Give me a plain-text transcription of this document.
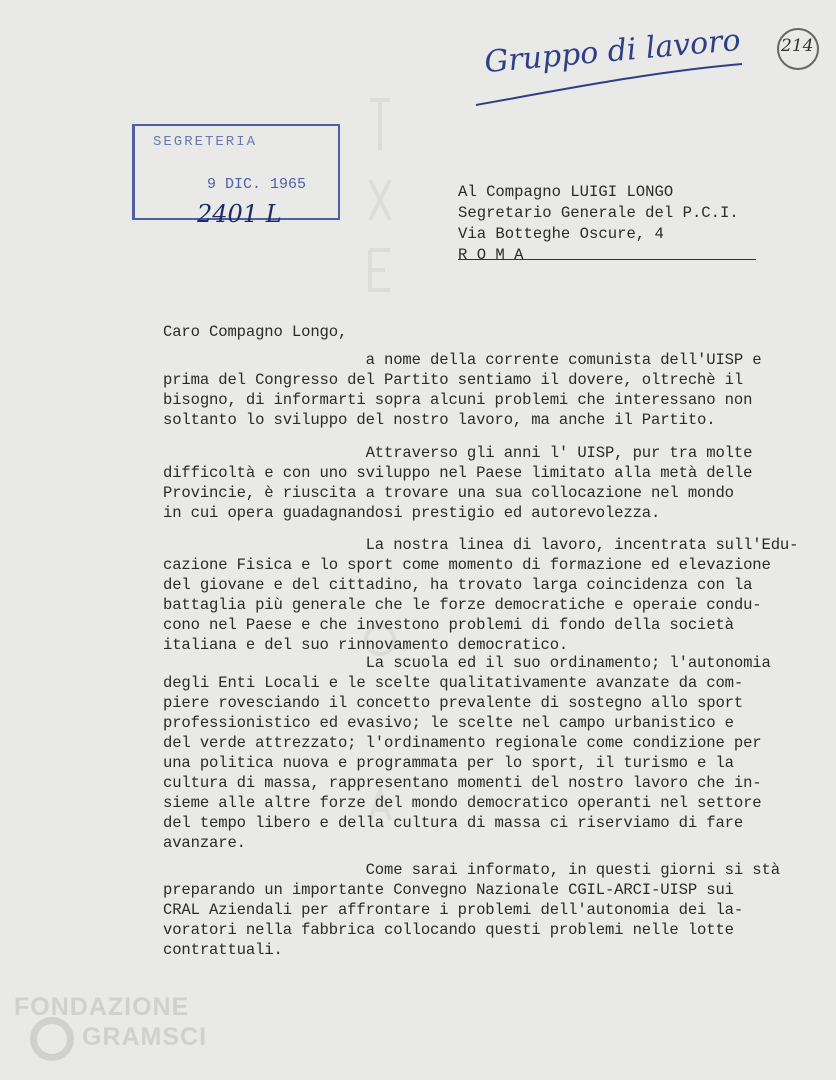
Gruppo di lavoro 214
SEGRETERIA
9 DIC. 1965
2401 L
Al Compagno LUIGI LONGO
Segretario Generale del P.C.I.
Via Botteghe Oscure, 4
R O M A
Caro Compagno Longo,
a nome della corrente comunista dell'UISP e
prima del Congresso del Partito sentiamo il dovere, oltrechè il
bisogno, di informarti sopra alcuni problemi che interessano non
soltanto lo sviluppo del nostro lavoro, ma anche il Partito.
Attraverso gli anni l' UISP, pur tra molte
difficoltà e con uno sviluppo nel Paese limitato alla metà delle
Provincie, è riuscita a trovare una sua collocazione nel mondo
in cui opera guadagnandosi prestigio ed autorevolezza.
La nostra linea di lavoro, incentrata sull'Edu-
cazione Fisica e lo sport come momento di formazione ed elevazione
del giovane e del cittadino, ha trovato larga coincidenza con la
battaglia più generale che le forze democratiche e operaie condu-
cono nel Paese e che investono problemi di fondo della società
italiana e del suo rinnovamento democratico.
La scuola ed il suo ordinamento; l'autonomia
degli Enti Locali e le scelte qualitativamente avanzate da com-
piere rovesciando il concetto prevalente di sostegno allo sport
professionistico ed evasivo; le scelte nel campo urbanistico e
del verde attrezzato; l'ordinamento regionale come condizione per
una politica nuova e programmata per lo sport, il turismo e la
cultura di massa, rappresentano momenti del nostro lavoro che in-
sieme alle altre forze del mondo democratico operanti nel settore
del tempo libero e della cultura di massa ci riserviamo di fare
avanzare.
Come sarai informato, in questi giorni si stà
preparando un importante Convegno Nazionale CGIL-ARCI-UISP sui
CRAL Aziendali per affrontare i problemi dell'autonomia dei la-
voratori nella fabbrica collocando questi problemi nelle lotte
contrattuali.
FONDAZIONE
GRAMSCI
